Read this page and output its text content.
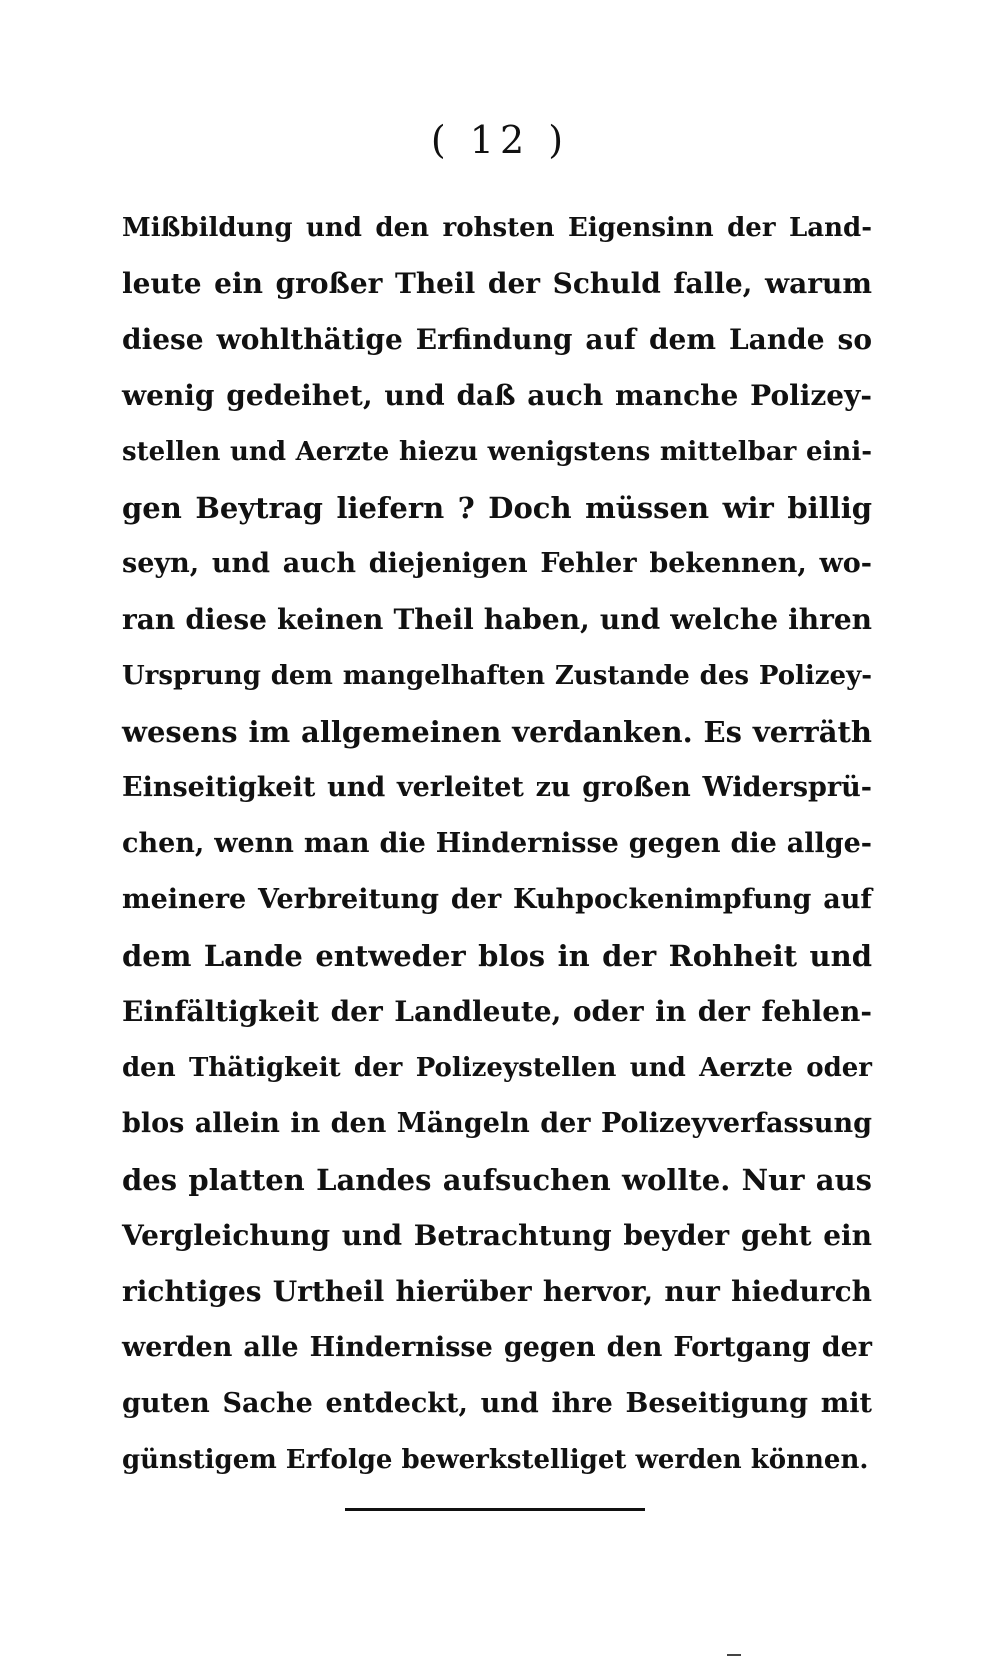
( 12 )
Mißbildung und den rohsten Eigensinn der Land-
leute ein großer Theil der Schuld falle, warum
diese wohlthätige Erfindung auf dem Lande so
wenig gedeihet, und daß auch manche Polizey-
stellen und Aerzte hiezu wenigstens mittelbar eini-
gen Beytrag liefern ? Doch müssen wir billig
seyn, und auch diejenigen Fehler bekennen, wo-
ran diese keinen Theil haben, und welche ihren
Ursprung dem mangelhaften Zustande des Polizey-
wesens im allgemeinen verdanken. Es verräth
Einseitigkeit und verleitet zu großen Widersprü-
chen, wenn man die Hindernisse gegen die allge-
meinere Verbreitung der Kuhpockenimpfung auf
dem Lande entweder blos in der Rohheit und
Einfältigkeit der Landleute, oder in der fehlen-
den Thätigkeit der Polizeystellen und Aerzte oder
blos allein in den Mängeln der Polizeyverfassung
des platten Landes aufsuchen wollte. Nur aus
Vergleichung und Betrachtung beyder geht ein
richtiges Urtheil hierüber hervor, nur hiedurch
werden alle Hindernisse gegen den Fortgang der
guten Sache entdeckt, und ihre Beseitigung mit
günstigem Erfolge bewerkstelliget werden können.
